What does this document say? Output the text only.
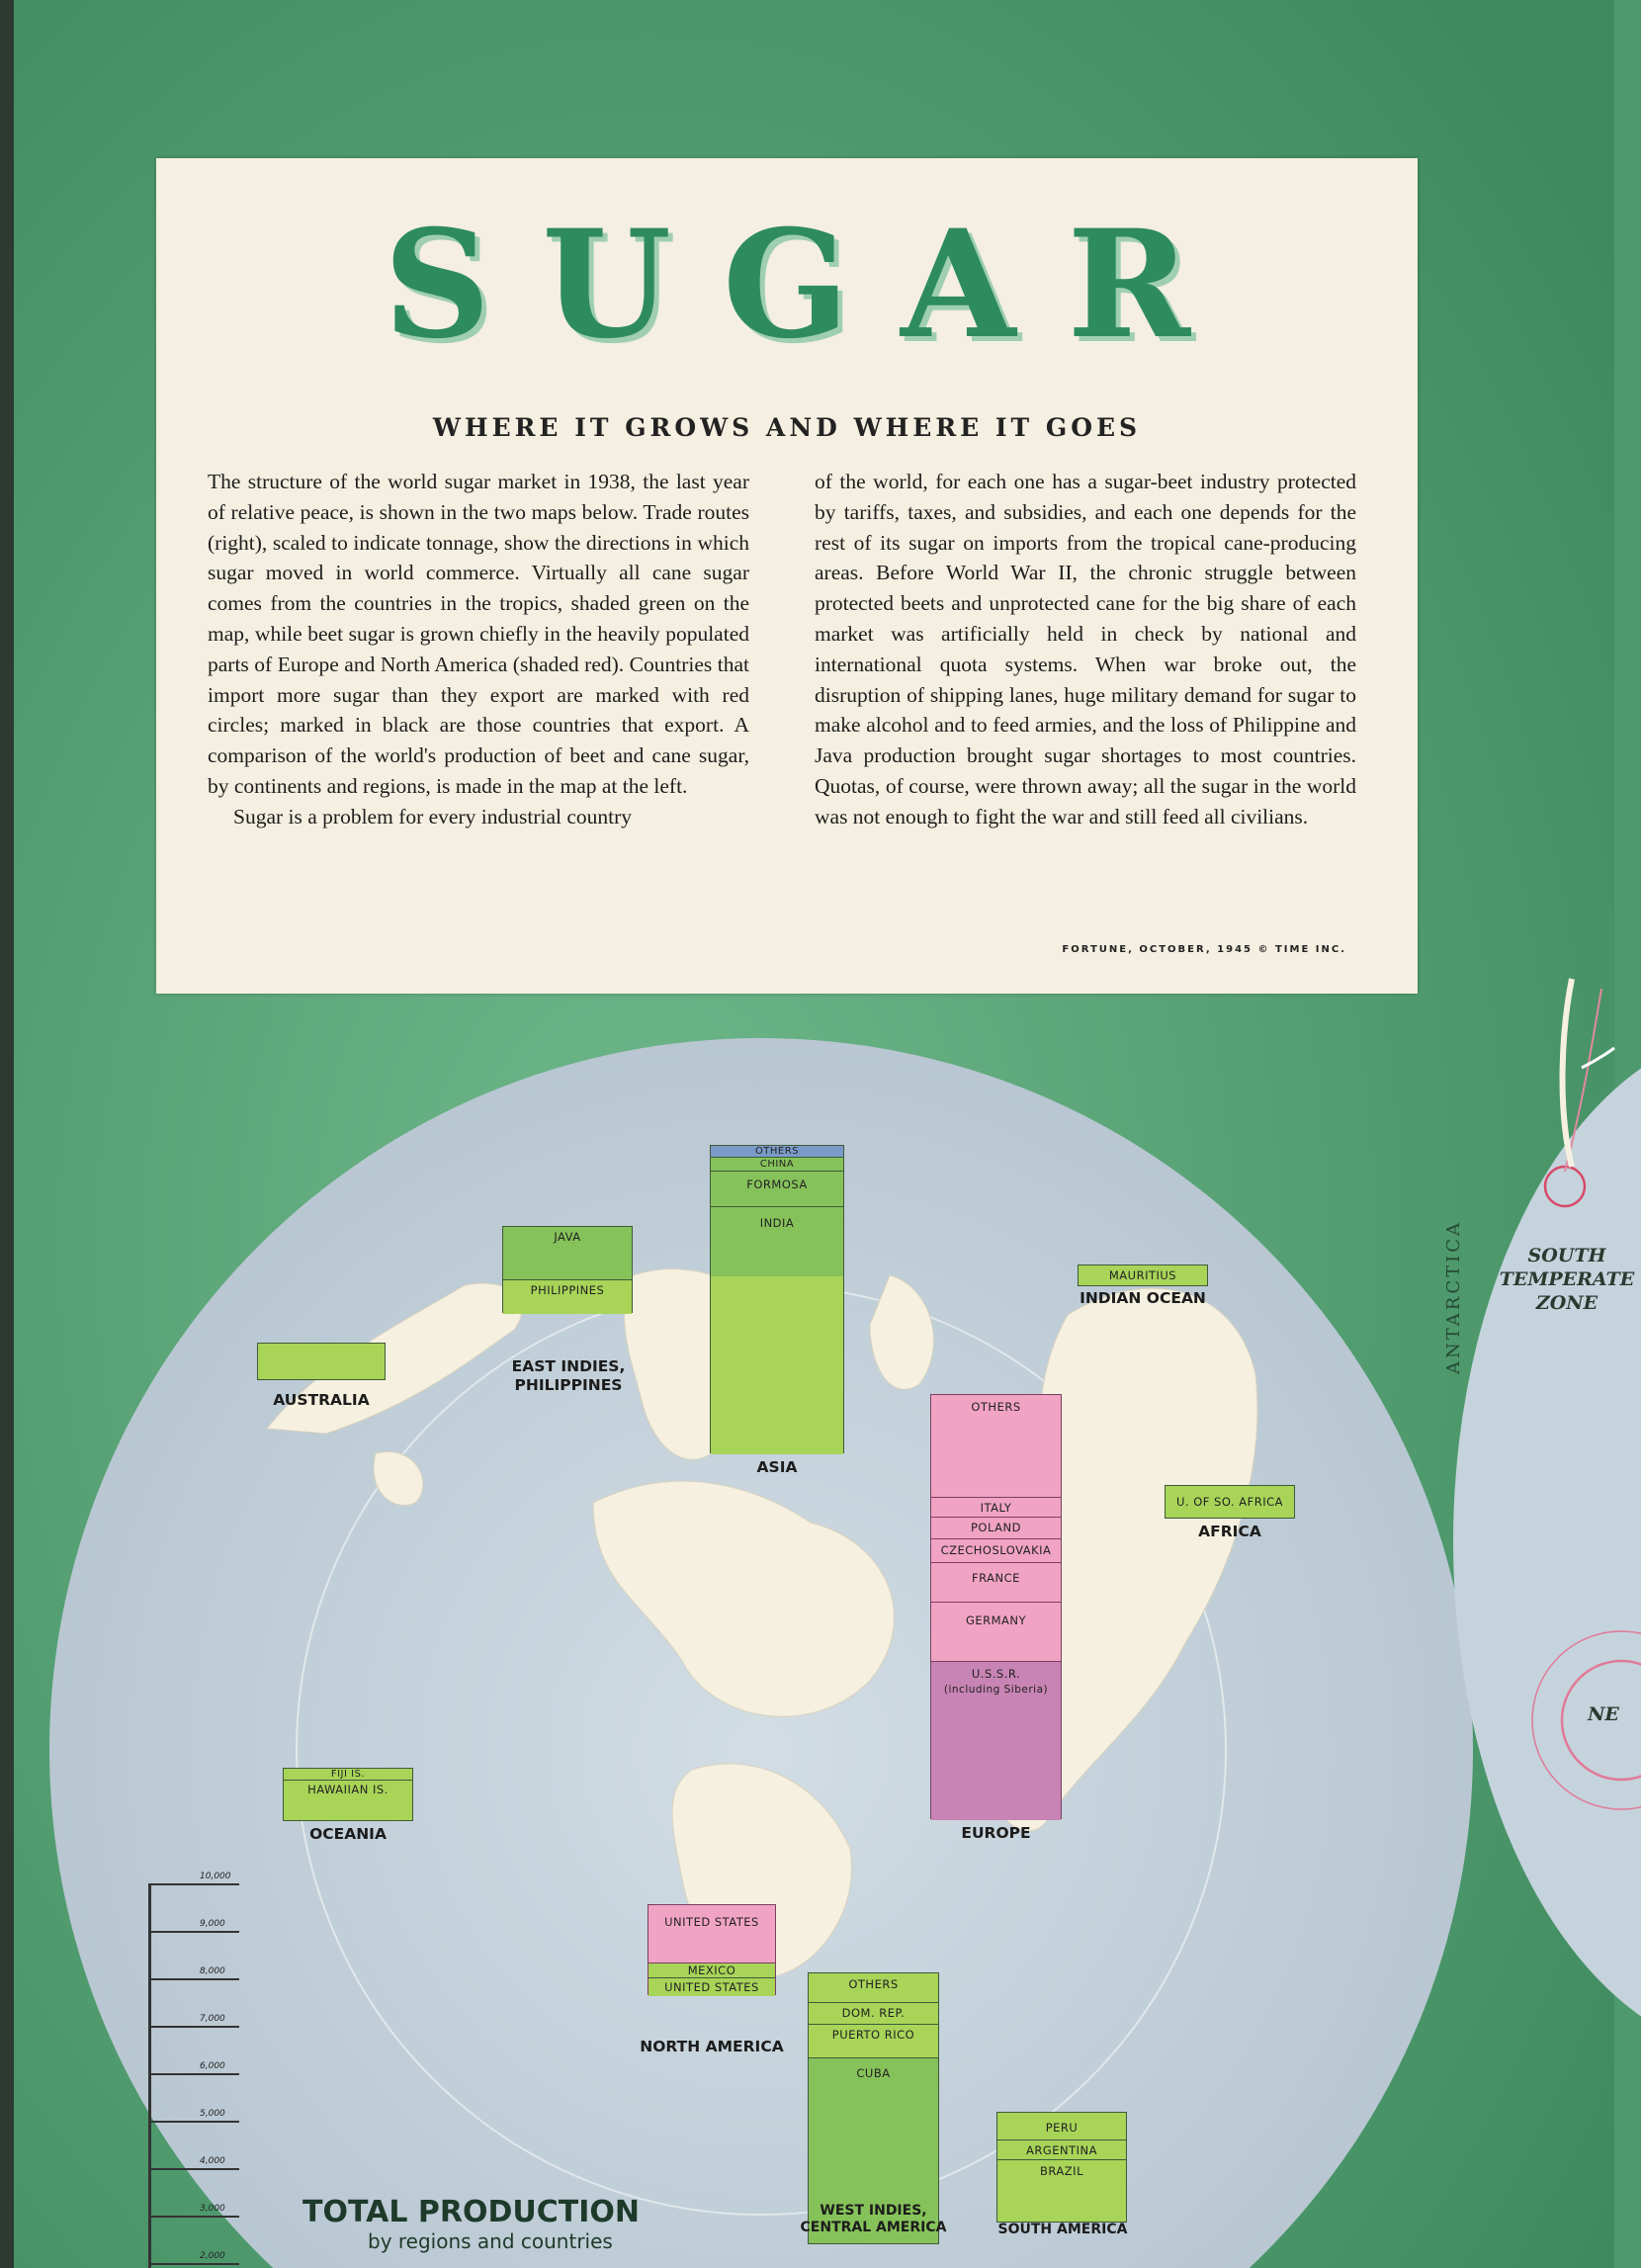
SUGAR
WHERE IT GROWS AND WHERE IT GOES

The structure of the world sugar market in 1938, the last year of relative peace, is shown in the two maps below. Trade routes (right), scaled to indicate tonnage, show the directions in which sugar moved in world commerce. Virtually all cane sugar comes from the countries in the tropics, shaded green on the map, while beet sugar is grown chiefly in the heavily populated parts of Europe and North America (shaded red). Countries that import more sugar than they export are marked with red circles; marked in black are those countries that export. A comparison of the world's production of beet and cane sugar, by continents and regions, is made in the map at the left.

Sugar is a problem for every industrial country

of the world, for each one has a sugar-beet industry protected by tariffs, taxes, and subsidies, and each one depends for the rest of its sugar on imports from the tropical cane-producing areas. Before World War II, the chronic struggle between protected beets and unprotected cane for the big share of each market was artificially held in check by national and international quota systems. When war broke out, the disruption of shipping lanes, huge military demand for sugar to make alcohol and to feed armies, and the loss of Philippine and Java production brought sugar shortages to most countries. Quotas, of course, were thrown away; all the sugar in the world was not enough to fight the war and still feed all civilians.

FORTUNE, OCTOBER, 1945 © TIME INC.
ANTARCTICA	SOUTH
TEMPERATE
ZONE
NE
OTHERS
CHINA
FORMOSA
INDIA
ASIA
JAVA
PHILIPPINES
EAST INDIES,
PHILIPPINES
AUSTRALIA
MAURITIUS
INDIAN OCEAN
U. OF SO. AFRICA
AFRICA
OTHERS
ITALY
POLAND
CZECHOSLOVAKIA
FRANCE
GERMANY
U.S.S.R.
(including Siberia)
EUROPE
FIJI IS.
HAWAIIAN IS.
OCEANIA
UNITED STATES
MEXICO
UNITED STATES
NORTH AMERICA
OTHERS
DOM. REP.
PUERTO RICO
CUBA
WEST INDIES,
CENTRAL AMERICA
PERU
ARGENTINA
BRAZIL
SOUTH AMERICA
10,000
9,000
8,000
7,000
6,000
5,000
4,000
3,000
2,000
TOTAL PRODUCTION
by regions and countries
